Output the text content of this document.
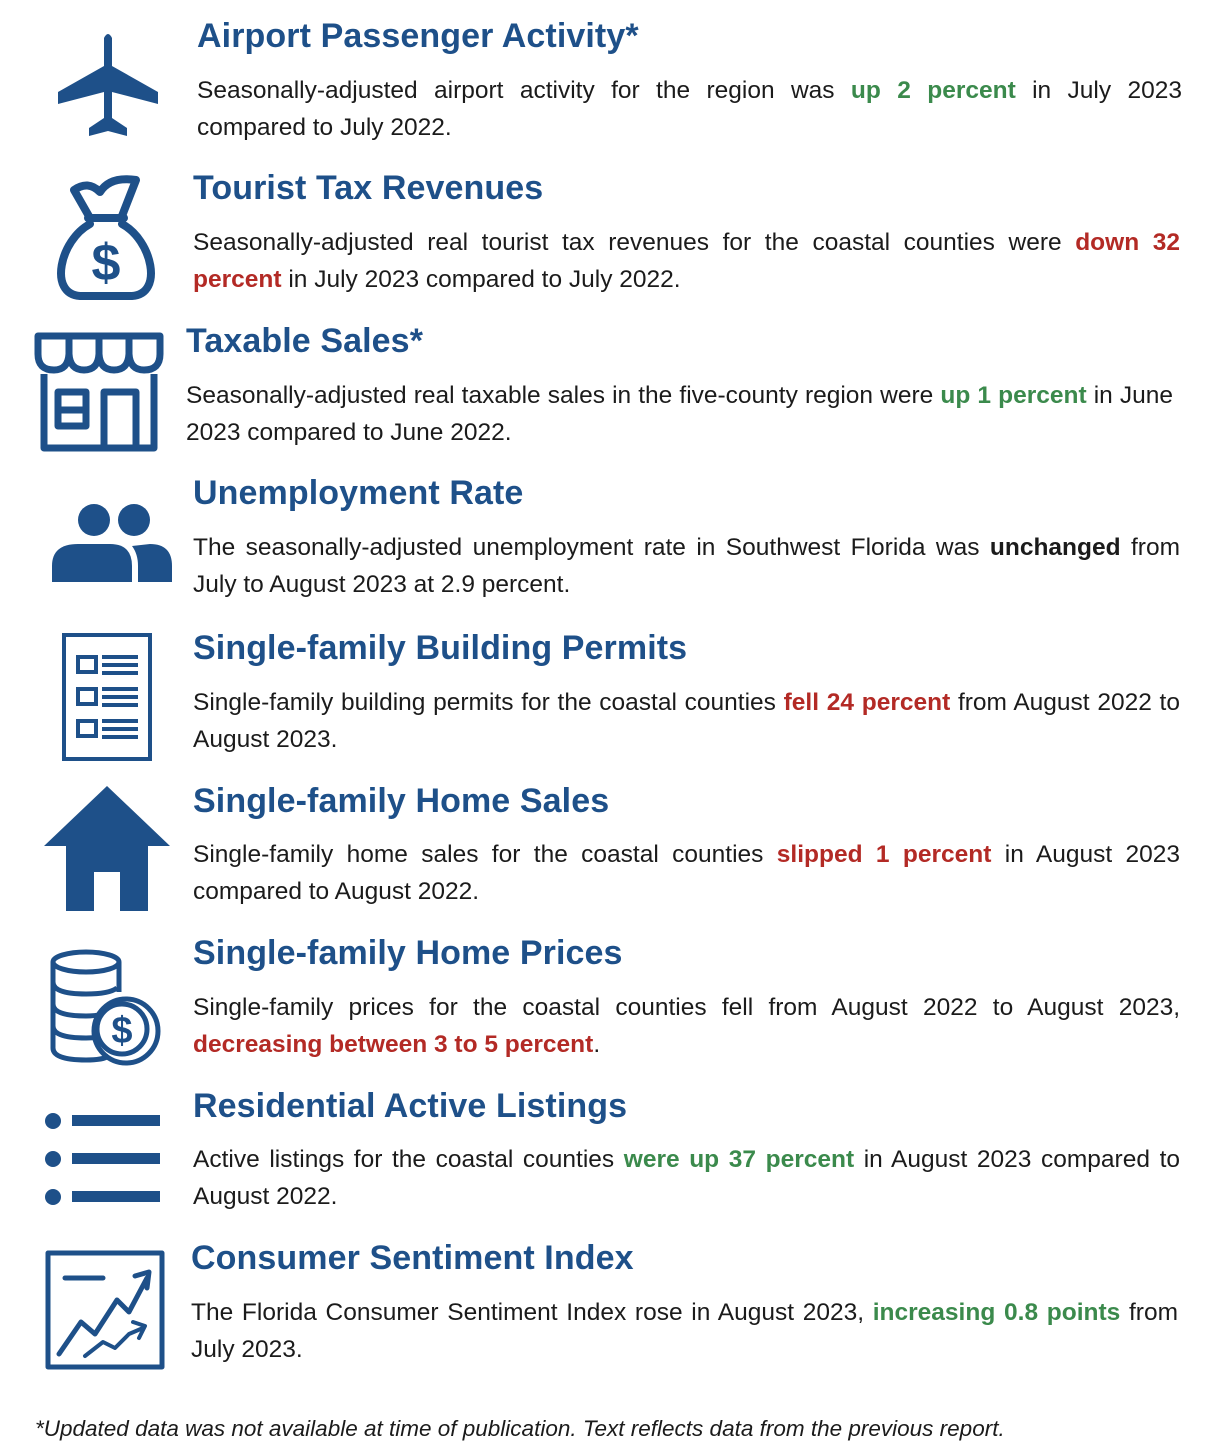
Airport Passenger Activity*

Seasonally-adjusted airport activity for the region was up 2 percent in July 2023 compared to July 2022.

$
Tourist Tax Revenues

Seasonally-adjusted real tourist tax revenues for the coastal counties were down 32 percent in July 2023 compared to July 2022.

Taxable Sales*

Seasonally-adjusted real taxable sales in the five-county region were up 1 percent in June 2023 compared to June 2022.

Unemployment Rate

The seasonally-adjusted unemployment rate in Southwest Florida was unchanged from July to August 2023 at 2.9 percent.

Single-family Building Permits

Single-family building permits for the coastal counties fell 24 percent from August 2022 to August 2023.

Single-family Home Sales

Single-family home sales for the coastal counties slipped 1 percent in August 2023 compared to August 2022.

$
Single-family Home Prices

Single-family prices for the coastal counties fell from August 2022 to August 2023, decreasing between 3 to 5 percent.

Residential Active Listings

Active listings for the coastal counties were up 37 percent in August 2023 compared to August 2022.

Consumer Sentiment Index

The Florida Consumer Sentiment Index rose in August 2023, increasing 0.8 points from July 2023.

*Updated data was not available at time of publication. Text reflects data from the previous report.
